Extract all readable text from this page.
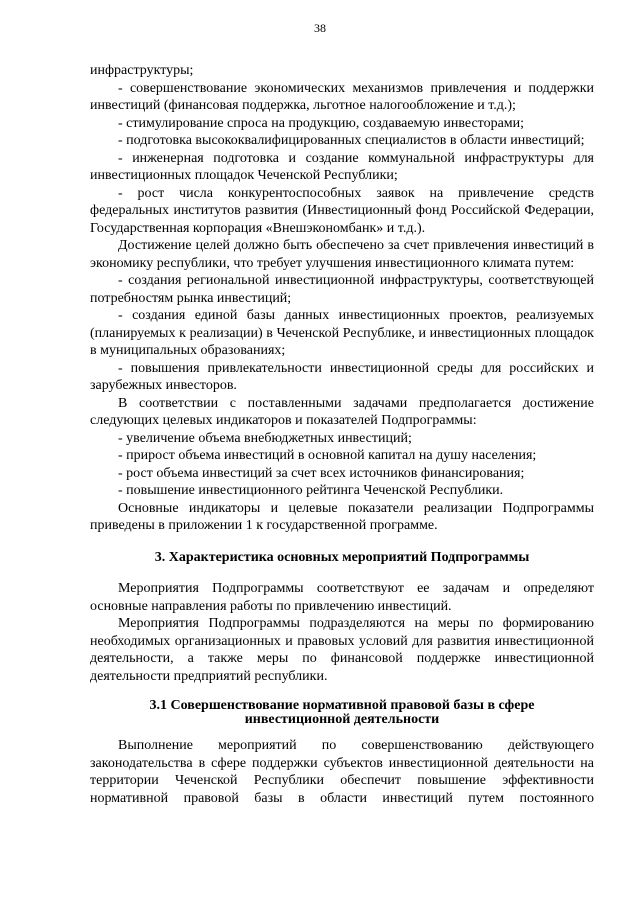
38

инфраструктуры;

- совершенствование экономических механизмов привлечения и поддержки инвестиций (финансовая поддержка, льготное налогообложение и т.д.);

- стимулирование спроса на продукцию, создаваемую инвесторами;

- подготовка высококвалифицированных специалистов в области инвестиций;

- инженерная подготовка и создание коммунальной инфраструктуры для инвестиционных площадок Чеченской Республики;

- рост числа конкурентоспособных заявок на привлечение средств федеральных институтов развития (Инвестиционный фонд Российской Федерации, Государственная корпорация «Внешэкономбанк» и т.д.).

Достижение целей должно быть обеспечено за счет привлечения инвестиций в экономику республики, что требует улучшения инвестиционного климата путем:

- создания региональной инвестиционной инфраструктуры, соответствующей потребностям рынка инвестиций;

- создания единой базы данных инвестиционных проектов, реализуемых (планируемых к реализации) в Чеченской Республике, и инвестиционных площадок в муниципальных образованиях;

- повышения привлекательности инвестиционной среды для российских и зарубежных инвесторов.

В соответствии с поставленными задачами предполагается достижение следующих целевых индикаторов и показателей Подпрограммы:

- увеличение объема внебюджетных инвестиций;

- прирост объема инвестиций в основной капитал на душу населения;

- рост объема инвестиций за счет всех источников финансирования;

- повышение инвестиционного рейтинга Чеченской Республики.

Основные индикаторы и целевые показатели реализации Подпрограммы приведены в приложении 1 к государственной программе.

3. Характеристика основных мероприятий Подпрограммы

Мероприятия Подпрограммы соответствуют ее задачам и определяют основные направления работы по привлечению инвестиций.

Мероприятия Подпрограммы подразделяются на меры по формированию необходимых организационных и правовых условий для развития инвестиционной деятельности, а также меры по финансовой поддержке инвестиционной деятельности предприятий республики.

3.1 Совершенствование нормативной правовой базы в сфере
инвестиционной деятельности

Выполнение мероприятий по совершенствованию действующего законодательства в сфере поддержки субъектов инвестиционной деятельности на территории Чеченской Республики обеспечит повышение эффективности нормативной правовой базы в области инвестиций путем постоянного
